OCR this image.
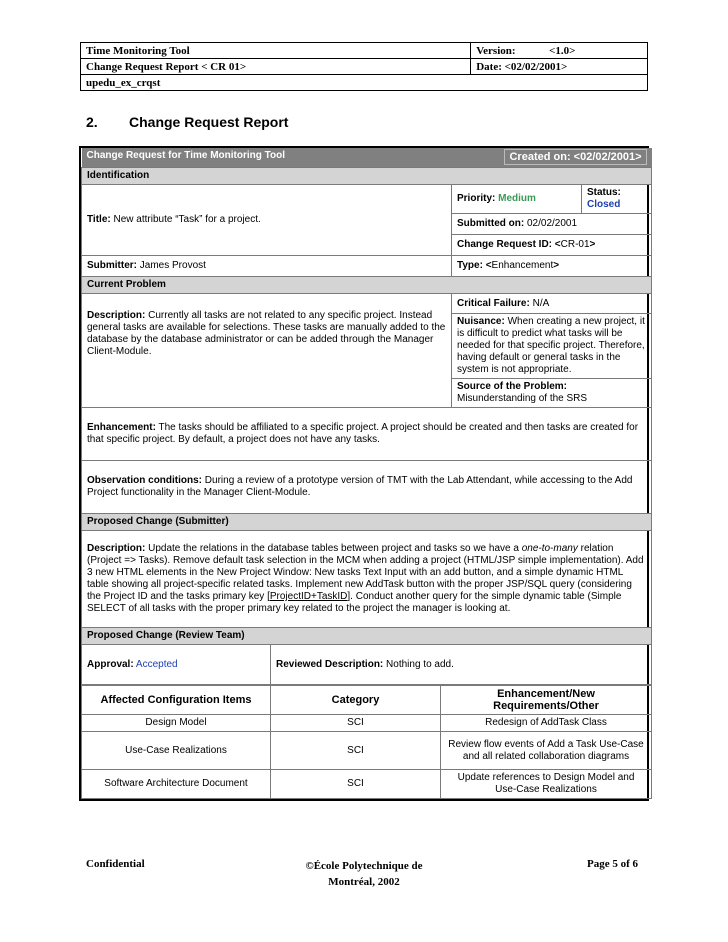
Time Monitoring Tool	Version: <1.0>
Change Request Report < CR 01>	Date: <02/02/2001>
upedu_ex_crqst	
2. Change Request Report
Change Request for Time Monitoring Tool Created on: <02/02/2001>			

Identification			
Title: New attribute “Task” for a project.		Priority: Medium	Status: Closed
		Submitted on: 02/02/2001	
		Change Request ID: <CR-01>	
Submitter: James Provost		Type: <Enhancement>	
Current Problem			
Description: Currently all tasks are not related to any specific project. Instead general tasks are available for selections. These tasks are manually added to the database by the database administrator or can be added through the Manager Client-Module.		Critical Failure: N/A	
		Nuisance: When creating a new project, it is difficult to predict what tasks will be needed for that specific project. Therefore, having default or general tasks in the system is not appropriate.	
		Source of the Problem: Misunderstanding of the SRS	
Enhancement: The tasks should be affiliated to a specific project. A project should be created and then tasks are created for that specific project. By default, a project does not have any tasks.			
Observation conditions: During a review of a prototype version of TMT with the Lab Attendant, while accessing to the Add Project functionality in the Manager Client-Module.			
Proposed Change (Submitter)			
Description: Update the relations in the database tables between project and tasks so we have a one-to-many relation (Project => Tasks). Remove default task selection in the MCM when adding a project (HTML/JSP simple implementation). Add 3 new HTML elements in the New Project Window: New tasks Text Input with an add button, and a simple dynamic HTML table showing all project-specific related tasks. Implement new AddTask button with the proper JSP/SQL query (considering the Project ID and the tasks primary key [ProjectID+TaskID]. Conduct another query for the simple dynamic table (Simple SELECT of all tasks with the proper primary key related to the project the manager is looking at.			
Proposed Change (Review Team)			
Approval: Accepted	Reviewed Description: Nothing to add.		
Affected Configuration Items	Category	Enhancement/New Requirements/Other
Design Model	SCI	Redesign of AddTask Class
Use-Case Realizations	SCI	Review flow events of Add a Task Use-Case and all related collaboration diagrams
Software Architecture Document	SCI	Update references to Design Model and Use-Case Realizations
Confidential	©École Polytechnique de
Montréal, 2002
Page 5 of 6
